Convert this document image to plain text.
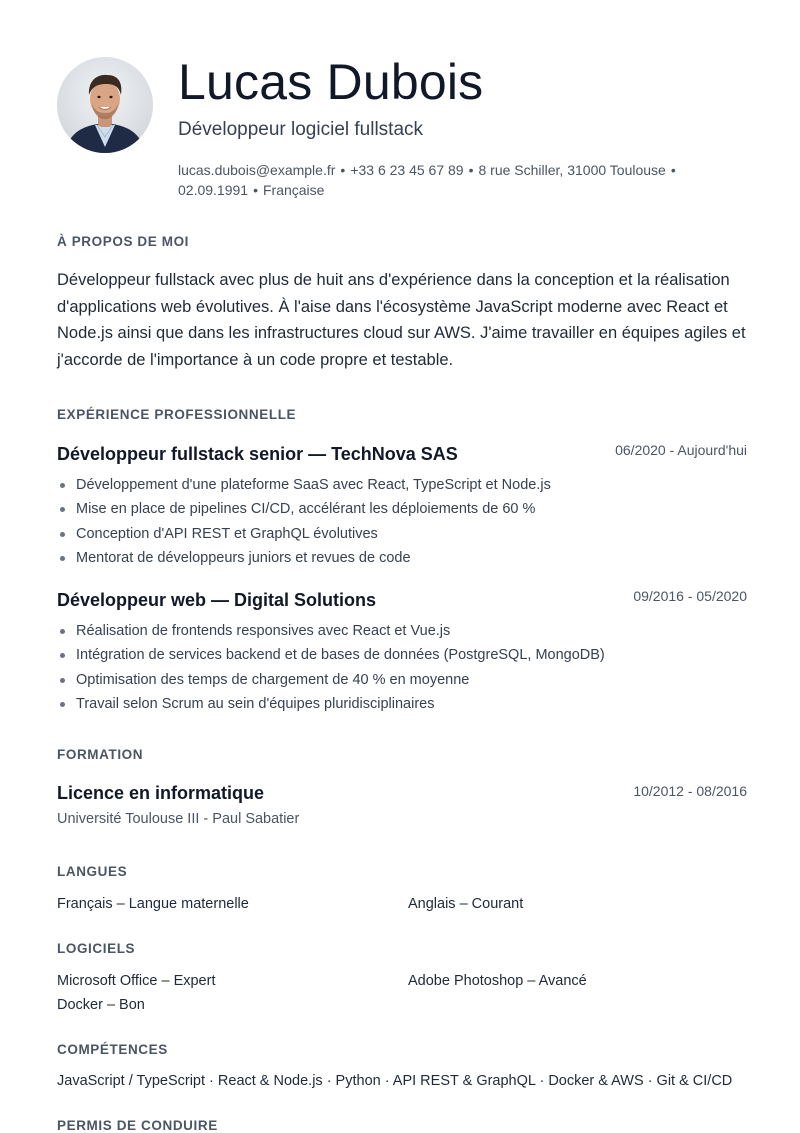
Lucas Dubois
Développeur logiciel fullstack
lucas.dubois@example.fr • +33 6 23 45 67 89 • 8 rue Schiller, 31000 Toulouse •
02.09.1991 • Française
À PROPOS DE MOI
Développeur fullstack avec plus de huit ans d'expérience dans la conception et la réalisation d'applications web évolutives. À l'aise dans l'écosystème JavaScript moderne avec React et Node.js ainsi que dans les infrastructures cloud sur AWS. J'aime travailler en équipes agiles et j'accorde de l'importance à un code propre et testable.
EXPÉRIENCE PROFESSIONNELLE
Développeur fullstack senior — TechNova SAS	06/2020 - Aujourd'hui
Développement d'une plateforme SaaS avec React, TypeScript et Node.js
Mise en place de pipelines CI/CD, accélérant les déploiements de 60 %
Conception d'API REST et GraphQL évolutives
Mentorat de développeurs juniors et revues de code
Développeur web — Digital Solutions	09/2016 - 05/2020
Réalisation de frontends responsives avec React et Vue.js
Intégration de services backend et de bases de données (PostgreSQL, MongoDB)
Optimisation des temps de chargement de 40 % en moyenne
Travail selon Scrum au sein d'équipes pluridisciplinaires
FORMATION
Licence en informatique	10/2012 - 08/2016
Université Toulouse III - Paul Sabatier
LANGUES
Français – Langue maternelle	Anglais – Courant
LOGICIELS
Microsoft Office – Expert	Adobe Photoshop – Avancé
Docker – Bon
COMPÉTENCES
JavaScript / TypeScript · React & Node.js · Python · API REST & GraphQL · Docker & AWS · Git & CI/CD
PERMIS DE CONDUIRE
